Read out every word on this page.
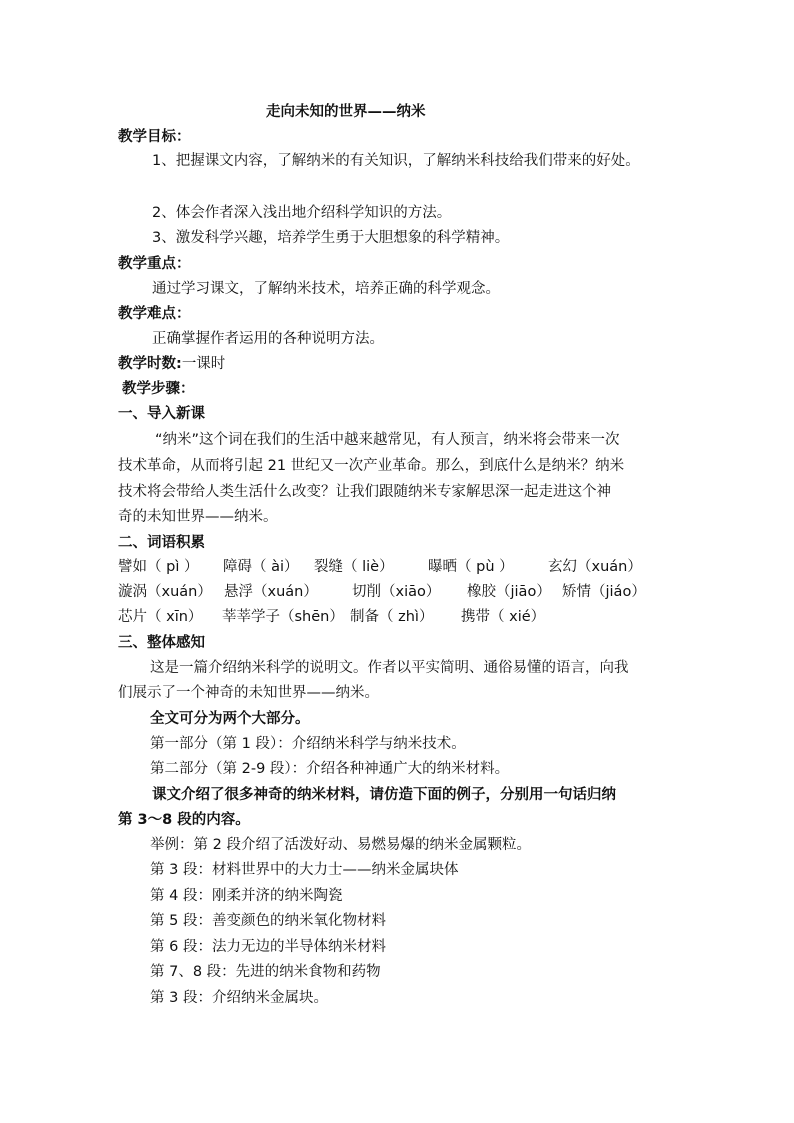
走向未知的世界——纳米
教学目标：
1、把握课文内容，了解纳米的有关知识，了解纳米科技给我们带来的好处。
2、体会作者深入浅出地介绍科学知识的方法。
3、激发科学兴趣，培养学生勇于大胆想象的科学精神。
教学重点：
通过学习课文，了解纳米技术，培养正确的科学观念。
教学难点：
正确掌握作者运用的各种说明方法。
教学时数:一课时
教学步骤：
一、导入新课
“纳米”这个词在我们的生活中越来越常见，有人预言，纳米将会带来一次
技术革命，从而将引起 21 世纪又一次产业革命。那么，到底什么是纳米？纳米
技术将会带给人类生活什么改变？让我们跟随纳米专家解思深一起走进这个神
奇的未知世界——纳米。
二、词语积累
譬如（ pì ） 障碍（ ài） 裂缝（ liè） 曝晒（ pù ） 玄幻（xuán）
漩涡（xuán） 悬浮（xuán） 切削（xiāo） 橡胶（jiāo） 矫情（jiáo）
芯片（ xīn） 莘莘学子（shēn） 制备（ zhì） 携带（ xié）
三、整体感知
这是一篇介绍纳米科学的说明文。作者以平实简明、通俗易懂的语言，向我
们展示了一个神奇的未知世界——纳米。
全文可分为两个大部分。
第一部分（第 1 段）：介绍纳米科学与纳米技术。
第二部分（第 2-9 段）：介绍各种神通广大的纳米材料。
课文介绍了很多神奇的纳米材料，请仿造下面的例子，分别用一句话归纳
第 3～8 段的内容。
举例：第 2 段介绍了活泼好动、易燃易爆的纳米金属颗粒。
第 3 段：材料世界中的大力士——纳米金属块体
第 4 段：刚柔并济的纳米陶瓷
第 5 段：善变颜色的纳米氧化物材料
第 6 段：法力无边的半导体纳米材料
第 7、8 段：先进的纳米食物和药物
第 3 段：介绍纳米金属块。
